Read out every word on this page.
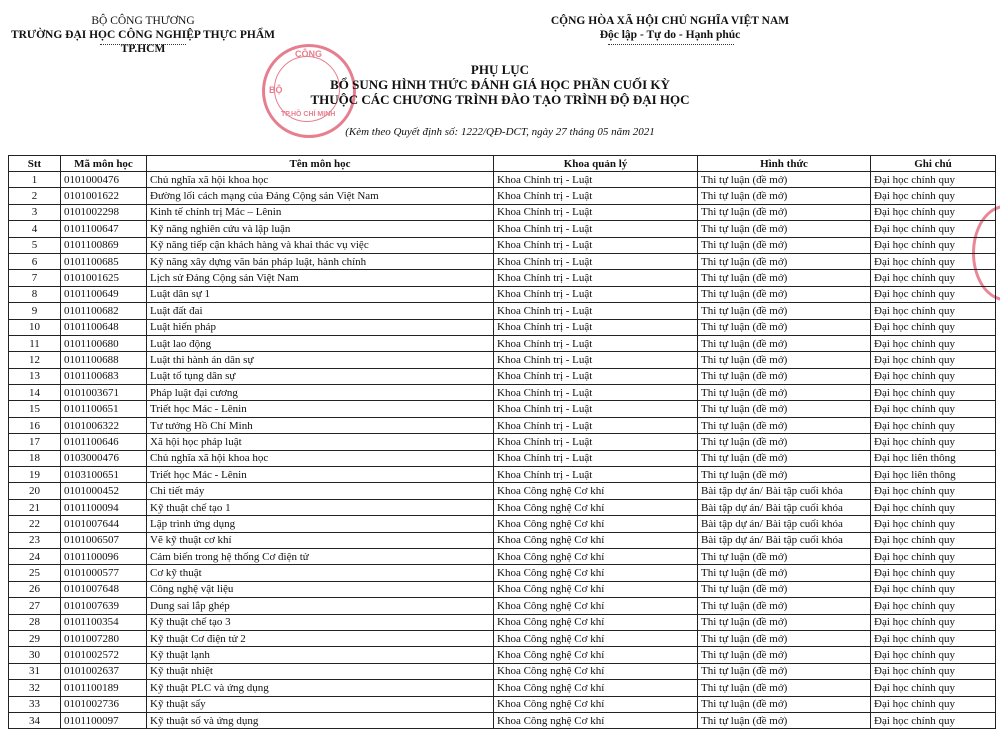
BỘ CÔNG THƯƠNG
TRƯỜNG ĐẠI HỌC CÔNG NGHIỆP THỰC PHẨM TP.HCM
CỘNG HÒA XÃ HỘI CHỦ NGHĨA VIỆT NAM
Độc lập - Tự do - Hạnh phúc
CÔNG
BỘ
TP.HỒ CHÍ MINH
PHỤ LỤC
BỔ SUNG HÌNH THỨC ĐÁNH GIÁ HỌC PHẦN CUỐI KỲ
THUỘC CÁC CHƯƠNG TRÌNH ĐÀO TẠO TRÌNH ĐỘ ĐẠI HỌC
(Kèm theo Quyết định số: 1222/QĐ-DCT, ngày 27 tháng 05 năm 2021
Stt	Mã môn học	Tên môn học	Khoa quản lý	Hình thức	Ghi chú
1	0101000476	Chủ nghĩa xã hội khoa học	Khoa Chính trị - Luật	Thi tự luận (đề mở)	Đại học chính quy
2	0101001622	Đường lối cách mạng của Đảng Cộng sản Việt Nam	Khoa Chính trị - Luật	Thi tự luận (đề mở)	Đại học chính quy
3	0101002298	Kinh tế chính trị Mác – Lênin	Khoa Chính trị - Luật	Thi tự luận (đề mở)	Đại học chính quy
4	0101100647	Kỹ năng nghiên cứu và lập luận	Khoa Chính trị - Luật	Thi tự luận (đề mở)	Đại học chính quy
5	0101100869	Kỹ năng tiếp cận khách hàng và khai thác vụ việc	Khoa Chính trị - Luật	Thi tự luận (đề mở)	Đại học chính quy
6	0101100685	Kỹ năng xây dựng văn bản pháp luật, hành chính	Khoa Chính trị - Luật	Thi tự luận (đề mở)	Đại học chính quy
7	0101001625	Lịch sử Đảng Cộng sản Việt Nam	Khoa Chính trị - Luật	Thi tự luận (đề mở)	Đại học chính quy
8	0101100649	Luật dân sự 1	Khoa Chính trị - Luật	Thi tự luận (đề mở)	Đại học chính quy
9	0101100682	Luật đất đai	Khoa Chính trị - Luật	Thi tự luận (đề mở)	Đại học chính quy
10	0101100648	Luật hiến pháp	Khoa Chính trị - Luật	Thi tự luận (đề mở)	Đại học chính quy
11	0101100680	Luật lao động	Khoa Chính trị - Luật	Thi tự luận (đề mở)	Đại học chính quy
12	0101100688	Luật thi hành án dân sự	Khoa Chính trị - Luật	Thi tự luận (đề mở)	Đại học chính quy
13	0101100683	Luật tố tụng dân sự	Khoa Chính trị - Luật	Thi tự luận (đề mở)	Đại học chính quy
14	0101003671	Pháp luật đại cương	Khoa Chính trị - Luật	Thi tự luận (đề mở)	Đại học chính quy
15	0101100651	Triết học Mác - Lênin	Khoa Chính trị - Luật	Thi tự luận (đề mở)	Đại học chính quy
16	0101006322	Tư tưởng Hồ Chí Minh	Khoa Chính trị - Luật	Thi tự luận (đề mở)	Đại học chính quy
17	0101100646	Xã hội học pháp luật	Khoa Chính trị - Luật	Thi tự luận (đề mở)	Đại học chính quy
18	0103000476	Chủ nghĩa xã hội khoa học	Khoa Chính trị - Luật	Thi tự luận (đề mở)	Đại học liên thông
19	0103100651	Triết học Mác - Lênin	Khoa Chính trị - Luật	Thi tự luận (đề mở)	Đại học liên thông
20	0101000452	Chi tiết máy	Khoa Công nghệ Cơ khí	Bài tập dự án/ Bài tập cuối khóa	Đại học chính quy
21	0101100094	Kỹ thuật chế tạo 1	Khoa Công nghệ Cơ khí	Bài tập dự án/ Bài tập cuối khóa	Đại học chính quy
22	0101007644	Lập trình ứng dụng	Khoa Công nghệ Cơ khí	Bài tập dự án/ Bài tập cuối khóa	Đại học chính quy
23	0101006507	Vẽ kỹ thuật cơ khí	Khoa Công nghệ Cơ khí	Bài tập dự án/ Bài tập cuối khóa	Đại học chính quy
24	0101100096	Cảm biến trong hệ thống Cơ điện tử	Khoa Công nghệ Cơ khí	Thi tự luận (đề mở)	Đại học chính quy
25	0101000577	Cơ kỹ thuật	Khoa Công nghệ Cơ khí	Thi tự luận (đề mở)	Đại học chính quy
26	0101007648	Công nghệ vật liệu	Khoa Công nghệ Cơ khí	Thi tự luận (đề mở)	Đại học chính quy
27	0101007639	Dung sai lắp ghép	Khoa Công nghệ Cơ khí	Thi tự luận (đề mở)	Đại học chính quy
28	0101100354	Kỹ thuật chế tạo 3	Khoa Công nghệ Cơ khí	Thi tự luận (đề mở)	Đại học chính quy
29	0101007280	Kỹ thuật Cơ điện tử 2	Khoa Công nghệ Cơ khí	Thi tự luận (đề mở)	Đại học chính quy
30	0101002572	Kỹ thuật lạnh	Khoa Công nghệ Cơ khí	Thi tự luận (đề mở)	Đại học chính quy
31	0101002637	Kỹ thuật nhiệt	Khoa Công nghệ Cơ khí	Thi tự luận (đề mở)	Đại học chính quy
32	0101100189	Kỹ thuật PLC và ứng dụng	Khoa Công nghệ Cơ khí	Thi tự luận (đề mở)	Đại học chính quy
33	0101002736	Kỹ thuật sấy	Khoa Công nghệ Cơ khí	Thi tự luận (đề mở)	Đại học chính quy
34	0101100097	Kỹ thuật số và ứng dụng	Khoa Công nghệ Cơ khí	Thi tự luận (đề mở)	Đại học chính quy
